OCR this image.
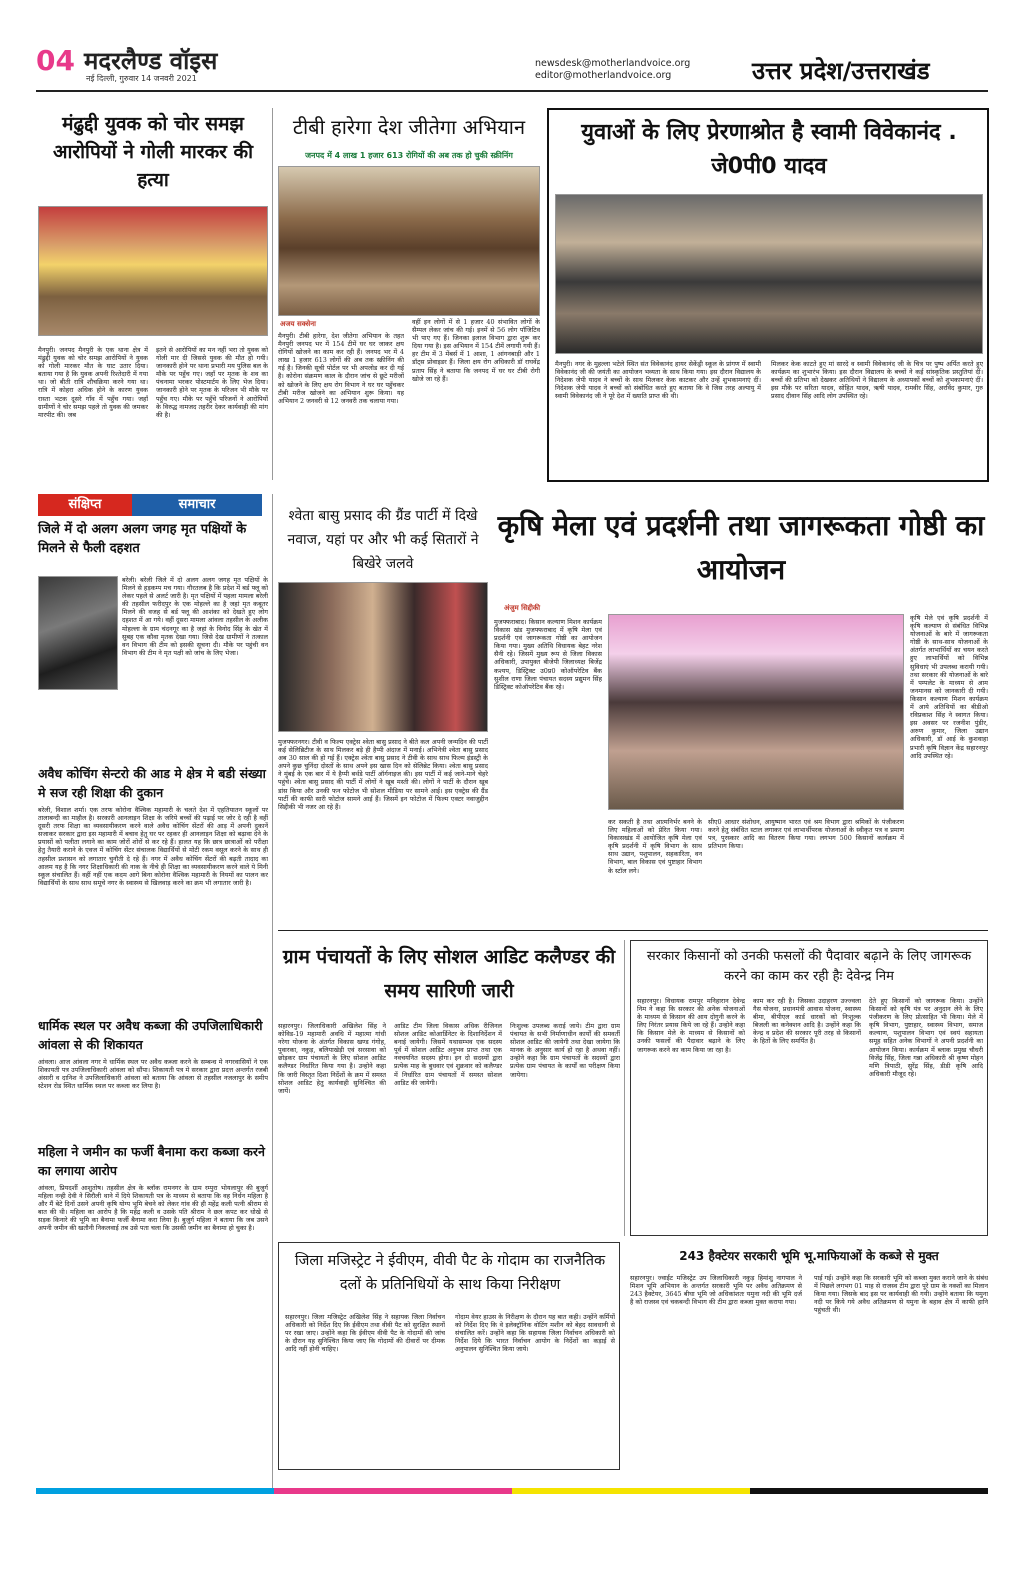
04 मदरलैण्ड वॉइस
नई दिल्ली, गुरुवार 14 जनवरी 2021
newsdesk@motherlandvoice.org
editor@motherlandvoice.org	उत्तर प्रदेश/उत्तराखंड
मंढुद्दी युवक को चोर समझ आरोपियों ने गोली मारकर की हत्या
मैनपुरी। जनपद मैनपुरी के एक थाना क्षेत्र में मंढुद्दी युवक को चोर समझ आरोपियों ने युवक को गोली मारकर मौत के घाट उतार दिया। बताया गया है कि युवक अपनी रिश्तेदारी में गया था। जो बीती रात्रि शौचक्रिया करने गया था। रात्रि में कोहरा अधिक होने के कारण युवक रास्ता भटक दूसरे गाँव में पहुँच गया। जहाँ ग्रामीणों ने चोर समझ पहले तो युवक की जमकर मारपीट की। जब
इतने से आरोपियों का मन नहीं भरा तो युवक को गोली मार दी जिससे युवक की मौत हो गयी। जानकारी होने पर थाना प्रभारी मय पुलिस बल के मौके पर पहुँच गए। जहाँ पर मृतक के शव का पंचनामा भरकर पोस्टमार्टम के लिए भेज दिया। जानकारी होने पर मृतक के परिजन भी मौके पर पहुँच गए। मौके पर पहुँचे परिजनों ने आरोपियों के विरुद्ध नामजद तहरीर देकर कार्यवाही की मांग की है।
टीबी हारेगा देश जीतेगा अभियान
जनपद में 4 लाख 1 हजार 613 रोगियों की अब तक हो चुकी स्क्रीनिंग
अजय सक्सेना
मैनपुरी। टीबी हारेगा, देश जीतेगा अभियान के तहत मैनपुरी जनपद भर में 154 टीमें घर घर जाकर क्षय रोगियों खोजने का काम कर रही हैं। जनपद भर में 4 लाख 1 हजार 613 लोगों की अब तक स्क्रीनिंग की गई है। जिनकी सूची पोर्टल पर भी अपलोड कर दी गई है। कोरोना संक्रमण काल के दौरान जांच से छूटे मरीजों को खोजने के लिए क्षय रोग विभाग ने घर घर पहुँचकर टीबी मरीज खोजने का अभियान शुरू किया। यह अभियान 2 जनवरी से 12 जनवरी तक चलाया गया।
वहीं इन लोगों में से 1 हजार 40 संभावित लोगों के सैम्पल लेकर जांच की गई। इनमें से 56 लोग पॉजिटिव भी पाए गए हैं। जिनका इलाज विभाग द्वारा शुरू कर दिया गया है। इस अभियान में 154 टीमें लगायी गयी हैं। हर टीम में 3 मेंबर्स में 1 आशा, 1 आंगनबाड़ी और 1 डॉट्स प्रोवाइडर हैं। जिला क्षय रोग अधिकारी डॉ राघवेंद्र प्रताप सिंह ने बताया कि जनपद में घर घर टीबी रोगी खोजे जा रहे हैं।
युवाओं के लिए प्रेरणाश्रोत है स्वामी विवेकानंद . जे0पी0 यादव
मैनपुरी। नगर के मुहल्ला भटेले स्थित संत विवेकानंद हायर सेकेंड्री स्कूल के प्रांगण में स्वामी विवेकानंद जी की जयंती का आयोजन भव्यता के साथ किया गया। इस दौरान विद्यालय के निदेशक जेपी यादव ने बच्चों के साथ मिलकर केक काटकर और उन्हें शुभकामनाएं दीं। निदेशक जेपी यादव ने बच्चों को संबोधित करते हुए बताया कि वे जिस तरह अल्पायु में स्वामी विवेकानंद जी ने पूरे देश में ख्याति प्राप्त की थी।
मिलकर केक काटते हुए मां सारदे व स्वामी विवेकानंद जी के चित्र पर पुष्प अर्पित करते हुए कार्यक्रम का शुभारंभ किया। इस दौरान विद्यालय के बच्चों ने कई सांस्कृतिक प्रस्तुतियां दीं। बच्चों की प्रतिभा को देखकर अतिथियों ने विद्यालय के अध्यापकों बच्चों को शुभकामनाएं दीं। इस मौके पर सरिता यादव, सोहित यादव, ऋषी यादव, रामवीर सिंह, अरविंद कुमार, गुरु प्रसाद दीवान सिंह आदि लोग उपस्थित रहे।
संक्षिप्त	समाचार
जिले में दो अलग अलग जगह मृत पक्षियों के मिलने से फैली दहशत
बरेली। बरेली जिले में दो अलग अलग जगह मृत पक्षियों के मिलने से हड़कम्प मच गया। गौरतलब है कि प्रदेश में बर्ड फ्लू को लेकर पहले से अलर्ट जारी है। मृत पक्षियों में पहला मामला बरेली की तहसील फरीदपुर के एक मोहल्ले का है जहां मृत कबूतर मिलने की वजह से बर्ड फ्लू की आशंका को देखते हुए लोग दहशत में आ गये। वहीं दूसरा मामला आंवला तहसील के अलीक मोहल्ला के ग्राम चंदनगूर का है जहां के विनोद सिंह के खेत में सुबह एक कौवा मृतक देखा गया। जिसे देख ग्रामीणों ने तत्काल वन विभाग की टीम को इसकी सूचना दी। मौके पर पहुंची वन विभाग की टीम ने मृत पक्षी को जांच के लिए भेजा।
अवैध कोचिंग सेन्टरो की आड मे क्षेत्र मे बडी संख्या मे सज रही शिक्षा की दुकान
बरेली, विशाल शर्मा। एक तरफ कोरोना वैश्विक महामारी के चलते देश में एहतियातन स्कूलों पर तालाबन्दी का माहौल है। सरकारी आनलाइन शिक्षा के जरिये बच्चों की पढ़ाई पर जोर दे रही है वहीं दूसरी तरफ शिक्षा का व्यवसायीकरण करने वाले अवैध कोचिंग सेंटरों की आड़ में अपनी दुकानें सजाकर सरकार द्वारा इस महामारी में बचाव हेतु घर पर रहकर ही आनलाइन शिक्षा को बढ़ावा देने के प्रयासों को पलीता लगाने का काम जोरों शोरों से कर रहे हैं। हालत यह कि छात्र छात्राओं को परीक्षा हेतु तैयारी कराने के एवज में कोचिंग सेंटर संचालक विद्यार्थियों से मोटी रकम वसूल करने के साथ ही तहसील प्रशासन को लगातार चुनौती दे रहे हैं। नगर में अवैध कोचिंग सेंटरों की बढ़ती तादाद का आलम यह है कि नगर शिक्षाधिकारी की नाक के नीचे ही शिक्षा का व्यवसायीकरण करने वाले ये मिनी स्कूल संचालित हैं। वहीं नहीं एक कदम आगे बिना कोरोना वैश्विक महामारी के नियमों का पालन कर विद्यार्थियों के साथ साथ समूचे नगर के स्वास्थ्य से खिलवाड़ करने का क्रम भी लगातार जारी है।
धार्मिक स्थल पर अवैध कब्जा की उपजिलाधिकारी आंवला से की शिकायत
आंवला। आज आंवला नगर मे धार्मिक स्थल पर अवैध कब्जा करने के सम्बन्ध मे नगरवासियों ने एक शिकायती पत्र उपजिलाधिकारी आंवला को सौंपा। शिकायती पत्र मे सरकार द्वारा प्रदत्त अन्तर्गत रजबी अंसारी व दानिश ने उपजिलाधिकारी आंवला को बताया कि आंवला से तहसील नजलापुर के समीप स्टेशन रोड स्थित धार्मिक स्थल पर कब्जा कर लिया है।
महिला ने जमीन का फर्जी बैनामा करा कब्जा करने का लगाया आरोप
आंवला, प्रियदर्शी आशुतोष। तहसील क्षेत्र के ब्लॉक रामनगर के ग्राम रम्पुरा भोयलापुर की बुजुर्ग महिला नन्ही देवी ने सिरौली थाने में दिये शिकायती पत्र के माध्यम से बताया कि वह निर्धन महिला है और मैं बेटे दिनों उसने अपनी कृषि योग्य भूमि बेचने को लेकर गांव की ही महेंद्र कली पत्नी श्रीराम से बात की थी। महिला का आरोप है कि महेंद्र कली व उसके पति श्रीराम ने छल कपट कर धोखे से सड़क किनारे की भूमि का बैनामा फर्जी बैनामा करा लिया है। बुजुर्ग महिला ने बताया कि जब उसने अपनी जमीन की खतौनी निकलवाई तब उसे पता चला कि उसकी जमीन का बैनामा हो चुका है।
श्वेता बासु प्रसाद की ग्रैंड पार्टी में दिखे नवाज, यहां पर और भी कई सितारों ने बिखेरे जलवे
मुजफ्फरनगर। टीवी व फिल्म एक्ट्रेस श्वेता बासु प्रसाद ने बीते कल अपनी जन्मदिन की पार्टी कई सेलिब्रिटीज के साथ मिलकर बड़े ही हैप्पी अंदाज में मनाई। अभिनेत्री श्वेता बासु प्रसाद अब 30 साल की हो गई हैं। एक्ट्रेस श्वेता बासु प्रसाद ने टीवी के साथ साथ फिल्म इंडस्ट्री के अपने कुछ चुनिंदा दोस्तों के साथ अपने इस खास दिन को सेलिब्रेट किया। श्वेता बासु प्रसाद ने मुंबई के एक बार में ये हैप्पी बर्थडे पार्टी ऑर्गनाइज की। इस पार्टी में कई जाने-माने चेहरे पहुंचे। श्वेता बासु प्रसाद की पार्टी में लोगों ने खूब मस्ती की। लोगों ने पार्टी के दौरान खूब डांस किया और उनकी फन फोटोज भी सोशल मीडिया पर सामने आई। इस एक्ट्रेस की ग्रैंड पार्टी की काफी सारी फोटोज सामने आई हैं। जिसमें इन फोटोज में फिल्म एक्टर नवाजुद्दीन सिद्दीकी भी नजर आ रहे हैं।
कृषि मेला एवं प्रदर्शनी तथा जागरूकता गोष्ठी का आयोजन
अंजुम सिद्दीकी
मुजफ्फराबाद। किसान कल्याण मिशन कार्यक्रम विकास खंड मुजफ्फराबाद में कृषि मेला एवं प्रदर्शनी एवं जागरूकता गोष्ठी का आयोजन किया गया। मुख्य अतिथि विधायक बेहट नरेश सैनी रहे। जिसमें मुख्य रूप से जिला विकास अधिकारी, उपायुक्त बीजेपी जिलाध्यक्ष बिजेंद्र कश्यप, डिस्ट्रिक्ट उ0प्र0 कोऑपरेटिव बैंक सुशील राणा जिला पंचायत सदस्य प्रद्युमन सिंह डिस्ट्रिक्ट कोऑपरेटिव बैंक रहे।
कर सकती है तथा आत्मनिर्भर बनने के लिए महिलाओं को प्रेरित किया गया। विकासखंड में आयोजित कृषि मेला एवं कृषि प्रदर्शनी में कृषि विभाग के साथ साथ उद्यान, पशुपालन, सहकारिता, वन विभाग, बाल विकास एवं पुष्टाहार विभाग के स्टॉल लगे।
सीए0 आधार संशोधन, आयुष्मान भारत एवं श्रम विभाग द्वारा श्रमिकों के पंजीकरण करने हेतु संबंधित स्टाल लगाकर एवं लाभार्थीपरक योजनाओं के स्वीकृत पत्र व प्रमाण पत्र, पुरस्कार आदि का वितरण किया गया। लगभग 500 किसानों कार्यक्रम में प्रतिभाग किया।
कृषि मेले एवं कृषि प्रदर्शनी में कृषि कल्याण से संबंधित विभिन्न योजनाओं के बारे में जागरूकता गोष्ठी के साथ-साथ योजनाओं के अंतर्गत लाभार्थियों का चयन करते हुए लाभार्थियों को विभिन्न सुविधाएं भी उपलब्ध करायी गयी। तथा सरकार की योजनाओं के बारे में पम्पलेट के माध्यम से आम जनमानस को जानकारी दी गयी। किसान कल्याण मिशन कार्यक्रम में आये अतिथियों का बीडीओ रविप्रकाश सिंह ने स्वागत किया। इस अवसर पर रजनीश पुंडीर, अरुण कुमार, जिला उद्यान अधिकारी, डॉ आई के कुशवाहा प्रभारी कृषि विज्ञान केंद्र सहारनपुर आदि उपस्थित रहे।
ग्राम पंचायतों के लिए सोशल आडिट कलैण्डर की समय सारिणी जारी
सहारनपुर। जिलाधिकारी अखिलेश सिंह ने कोविड-19 महामारी अवधि में महात्मा गांधी नरेगा योजना के अंतर्गत विकास खण्ड गंगोह, पुवारका, नकुड़, बलियाखेड़ी एवं सरसावा को छोड़कर ग्राम पंचायतों के लिए सोशल आडिट कलैण्डर निर्धारित किया गया है। उन्होने कहा कि जारी विस्तृत दिशा निर्देशों के क्रम में समस्त सोशल आडिट हेतु कार्यवाही सुनिश्चित की जायें।
आडिट टीम जिला विकास अधिक रीजिनल सोशल आडिट कोआर्डिनेटर के दिशानिर्देशन में बनाई जायेगी। जिसमें यथासम्भव एक सदस्य पूर्व में सोशल आडिट अनुभव प्राप्त तथा एक नवचयनित सदस्य होगा। इन दो सदस्यों द्वारा प्रत्येक माह के बुधवार एवं शुक्रवार को कलैण्डर में निर्धारित ग्राम पंचायतों में समस्त सोशल आडिट की जायेगी।
निःशुल्क उपलब्ध कराई जाये। टीम द्वारा ग्राम पंचायत के सभी निर्माणाधीन कार्यों की समवर्ती सोशल आडिट की जायेगी तथा देखा जायेगा कि मानक के अनुसार कार्य हो रहा है अथवा नहीं। उन्होने कहा कि ग्राम पंचायतों के सदस्यों द्वारा प्रत्येक ग्राम पंचायत के कार्यों का परीक्षण किया जायेगा।
सरकार किसानों को उनकी फसलों की पैदावार बढ़ाने के लिए जागरूक करने का काम कर रही हैः देवेन्द्र निम
सहारनपुर। विधायक रामपुर मनिहारान देवेन्द्र निम ने कहा कि सरकार की अनेक योजनाओं के माध्यम से किसान की आय दोगुनी करने के लिए निरंतर प्रयास किये जा रहे हैं। उन्होने कहा कि किसान मेले के माध्यम से किसानों को उनकी फसलों की पैदावार बढ़ाने के लिए जागरूक करने का काम किया जा रहा है।
काम कर रही है। जिसका उदाहरण उज्ज्वला गैस योजना, प्रधानमंत्री आवास योजना, स्वास्थ्य बीमा, बीपीएल कार्ड धारकों को निःशुल्क बिजली का कनेक्शन आदि है। उन्होंने कहा कि केन्द्र व प्रदेश की सरकार पूरी तरह से किसानों के हितों के लिए समर्पित है।
देते हुए किसानों को जागरूक किया। उन्होंने किसानों को कृषि यंत्र पर अनुदान लेने के लिए पंजीकरण के लिए प्रोत्साहित भी किया। मेले में कृषि विभाग, पुष्टाहार, स्वास्थ्य विभाग, समाज कल्याण, पशुपालन विभाग एवं स्वयं सहायता समूह सहित अनेक विभागों ने अपनी प्रदर्शनी का आयोजन किया। कार्यक्रम में ब्लाक प्रमुख चौधरी विजेंद्र सिंह, जिला गन्ना अधिकारी श्री कृष्ण मोहन मणि त्रिपाठी, सुरेंद्र सिंह, डीडी कृषि आदि अधिकारी मौजूद रहे।
जिला मजिस्ट्रेट ने ईवीएम, वीवी पैट के गोदाम का राजनैतिक दलों के प्रतिनिधियों के साथ किया निरीक्षण
सहारनपुर। जिला मजिस्ट्रेट अखिलेश सिंह ने सहायक जिला निर्वाचन अधिकारी को निर्देश दिए कि ईवीएम तथा वीवी पैट को सुरक्षित स्थानों पर रखा जाए। उन्होंने कहा कि ईवीएम वीवी पैट के गोदामों की जांच के दौरान यह सुनिश्चित किया जाए कि गोदामों की दीवारों पर दीमक आदि नहीं होनी चाहिए।
गोदाम वेयर हाउस के निरीक्षण के दौरान यह बात कही। उन्होंने कर्मियों को निर्देश दिए कि वे इलेक्ट्रॉनिक वोटिंग मशीन को बेहद सावधानी से संचालित करें। उन्होंने कहा कि सहायक जिला निर्वाचन अधिकारी को निर्देश दिये कि भारत निर्वाचन आयोग के निर्देशों का कड़ाई से अनुपालन सुनिश्चित किया जाये।
243 हैक्टेयर सरकारी भूमि भू.माफियाओं के कब्जे से मुक्त
सहारनपुर। ज्वाईंट मजिस्ट्रेट उप जिलाधिकारी नकुड़ हिमांशु नागपाल ने मिशन भूमि अभियान के अन्तर्गत सरकारी भूमि पर अवैध अतिक्रमण से 243 हैक्टेयर, 3645 बीघा भूमि जो अधिकांशतः यमुना नदी की भूमि दर्ज है को राजस्व एवं चकबन्दी विभाग की टीम द्वारा कब्जा मुक्त कराया गया।
पाई गई। उन्होंने कहा कि सरकारी भूमि को कब्जा मुक्त कराने जाने के संबंध में पिछले लगभग 01 माह से राजस्व टीम द्वारा पूरे ग्राम के नक्शों का मिलान किया गया। जिसके बाद इस पर कार्यवाही की गयी। उन्होंने बताया कि यमुना नदी पर किये गये अवैध अतिक्रमण से यमुना के बहाव क्षेत्र में काफी हानि पहुंचती थी।
